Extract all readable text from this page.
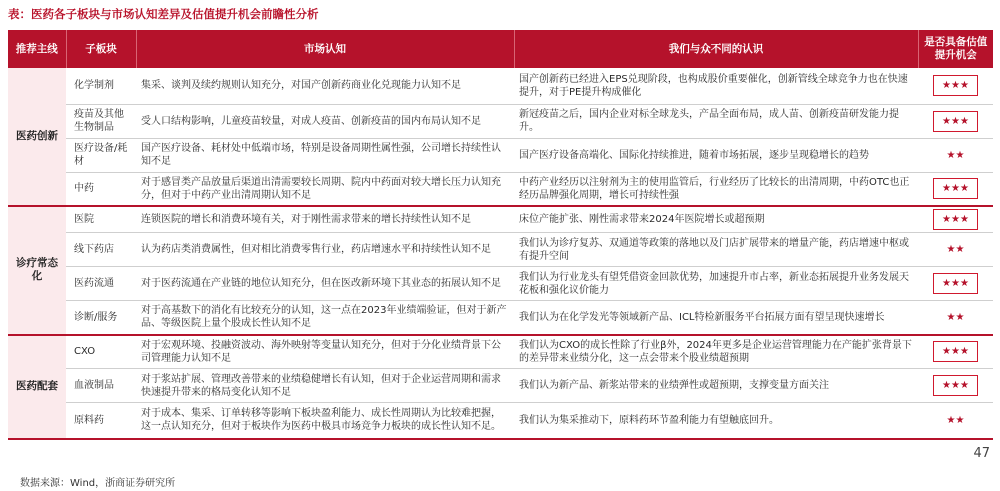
表：医药各子板块与市场认知差异及估值提升机会前瞻性分析
推荐主线	子板块	市场认知	我们与众不同的认识	是否具备估值提升机会
医药创新	化学制剂	集采、谈判及续约规则认知充分，对国产创新药商业化兑现能力认知不足	国产创新药已经进入EPS兑现阶段，也构成股价重要催化，创新管线全球竞争力也在快速提升，对于PE提升构成催化	★★★
	疫苗及其他生物制品	受人口结构影响，儿童疫苗较量，对成人疫苗、创新疫苗的国内布局认知不足	新冠疫苗之后，国内企业对标全球龙头，产品全面布局，成人苗、创新疫苗研发能力提升。	★★★
	医疗设备/耗材	国产医疗设备、耗材处中低端市场，特别是设备周期性属性强，公司增长持续性认知不足	国产医疗设备高端化、国际化持续推进，随着市场拓展，逐步呈现稳增长的趋势	★★
	中药	对于感冒类产品放量后渠道出清需要较长周期、院内中药面对较大增长压力认知充分，但对于中药产业出清周期认知不足	中药产业经历以注射剂为主的使用监管后，行业经历了比较长的出清周期，中药OTC也正经历品牌强化周期，增长可持续性强	★★★
诊疗常态化	医院	连锁医院的增长和消费环境有关，对于刚性需求带来的增长持续性认知不足	床位产能扩张、刚性需求带来2024年医院增长或超预期	★★★
	线下药店	认为药店类消费属性，但对相比消费零售行业，药店增速水平和持续性认知不足	我们认为诊疗复苏、双通道等政策的落地以及门店扩展带来的增量产能，药店增速中枢或有提升空间	★★
	医药流通	对于医药流通在产业链的地位认知充分，但在医改新环境下其业态的拓展认知不足	我们认为行业龙头有望凭借资金回款优势，加速提升市占率，新业态拓展提升业务发展天花板和强化议价能力	★★★
	诊断/服务	对于高基数下的消化有比较充分的认知，这一点在2023年业绩端验证，但对于新产品、等级医院上量个股成长性认知不足	我们认为在化学发光等领域新产品、ICL特检新服务平台拓展方面有望呈现快速增长	★★
医药配套	CXO	对于宏观环境、投融资波动、海外映射等变量认知充分，但对于分化业绩背景下公司管理能力认知不足	我们认为CXO的成长性除了行业β外，2024年更多是企业运营管理能力在产能扩张背景下的差异带来业绩分化，这一点会带来个股业绩超预期	★★★
	血液制品	对于浆站扩展、管理改善带来的业绩稳健增长有认知，但对于企业运营周期和需求快速提升带来的格局变化认知不足	我们认为新产品、新浆站带来的业绩弹性或超预期，支撑变量方面关注	★★★
	原料药	对于成本、集采、订单转移等影响下板块盈利能力、成长性周期认为比较难把握，这一点认知充分，但对于板块作为医药中极具市场竞争力板块的成长性认知不足。	我们认为集采推动下，原料药环节盈利能力有望触底回升。	★★
47
数据来源：Wind，浙商证券研究所
